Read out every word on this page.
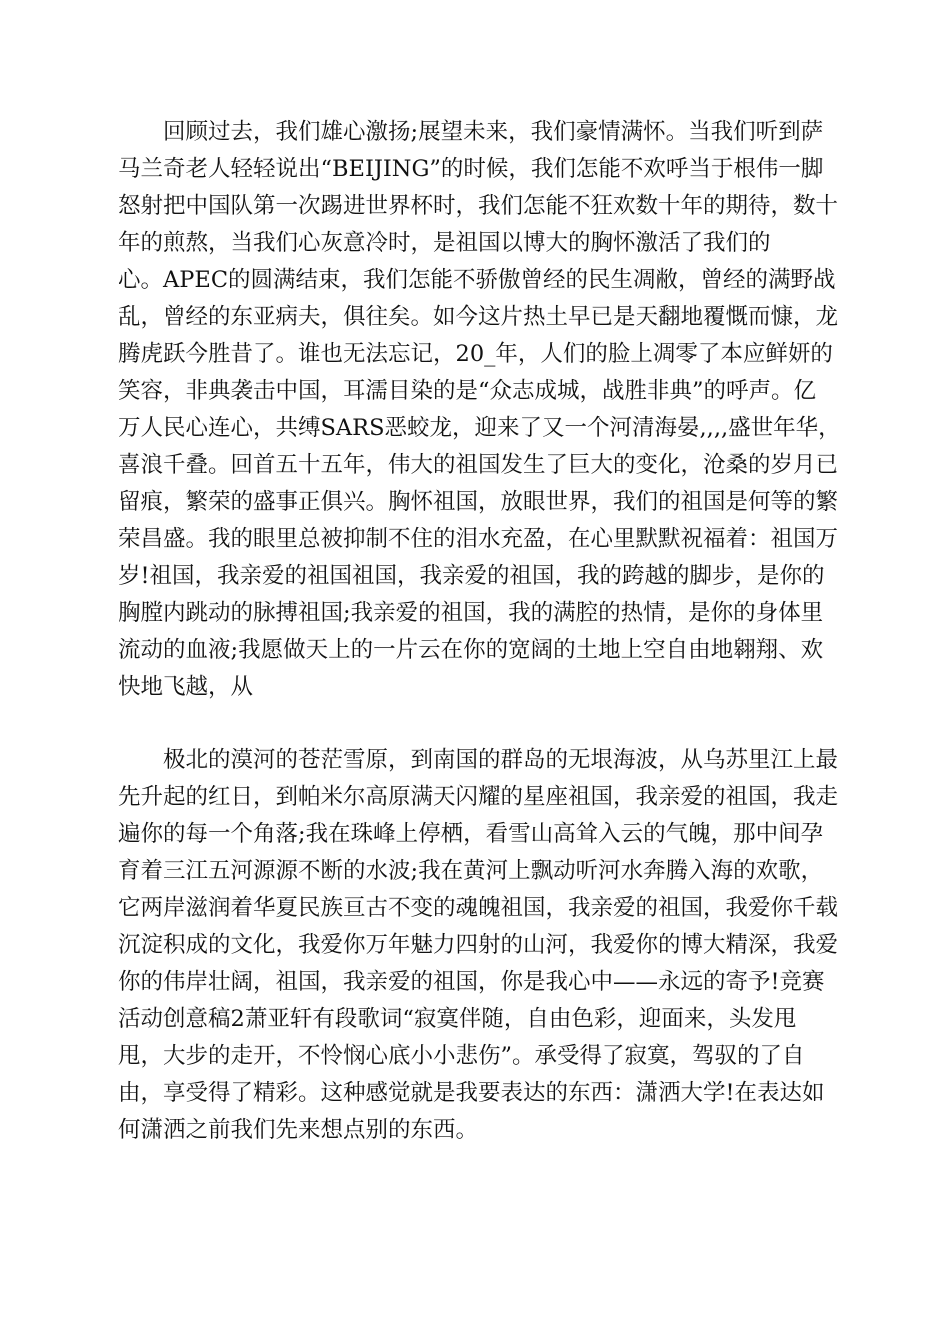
回顾过去，我们雄心激扬;展望未来，我们豪情满怀。当我们听到萨
马兰奇老人轻轻说出“BEIJING”的时候，我们怎能不欢呼当于根伟一脚
怒射把中国队第一次踢进世界杯时，我们怎能不狂欢数十年的期待，数十
年的煎熬，当我们心灰意冷时，是祖国以博大的胸怀激活了我们的
心。APEC的圆满结束，我们怎能不骄傲曾经的民生凋敝，曾经的满野战
乱，曾经的东亚病夫，俱往矣。如今这片热土早已是天翻地覆慨而慷，龙
腾虎跃今胜昔了。谁也无法忘记，20_年，人们的脸上凋零了本应鲜妍的
笑容，非典袭击中国，耳濡目染的是“众志成城，战胜非典”的呼声。亿
万人民心连心，共缚SARS恶蛟龙，迎来了又一个河清海晏,,,,盛世年华，
喜浪千叠。回首五十五年，伟大的祖国发生了巨大的变化，沧桑的岁月已
留痕，繁荣的盛事正俱兴。胸怀祖国，放眼世界，我们的祖国是何等的繁
荣昌盛。我的眼里总被抑制不住的泪水充盈，在心里默默祝福着：祖国万
岁!祖国，我亲爱的祖国祖国，我亲爱的祖国，我的跨越的脚步，是你的
胸膛内跳动的脉搏祖国;我亲爱的祖国，我的满腔的热情，是你的身体里
流动的血液;我愿做天上的一片云在你的宽阔的土地上空自由地翱翔、欢
快地飞越，从

极北的漠河的苍茫雪原，到南国的群岛的无垠海波，从乌苏里江上最
先升起的红日，到帕米尔高原满天闪耀的星座祖国，我亲爱的祖国，我走
遍你的每一个角落;我在珠峰上停栖，看雪山高耸入云的气魄，那中间孕
育着三江五河源源不断的水波;我在黄河上飘动听河水奔腾入海的欢歌，
它两岸滋润着华夏民族亘古不变的魂魄祖国，我亲爱的祖国，我爱你千载
沉淀积成的文化，我爱你万年魅力四射的山河，我爱你的博大精深，我爱
你的伟岸壮阔，祖国，我亲爱的祖国，你是我心中——永远的寄予!竞赛
活动创意稿2萧亚轩有段歌词“寂寞伴随，自由色彩，迎面来，头发甩
甩，大步的走开，不怜悯心底小小悲伤”。承受得了寂寞，驾驭的了自
由，享受得了精彩。这种感觉就是我要表达的东西：潇洒大学!在表达如
何潇洒之前我们先来想点别的东西。
